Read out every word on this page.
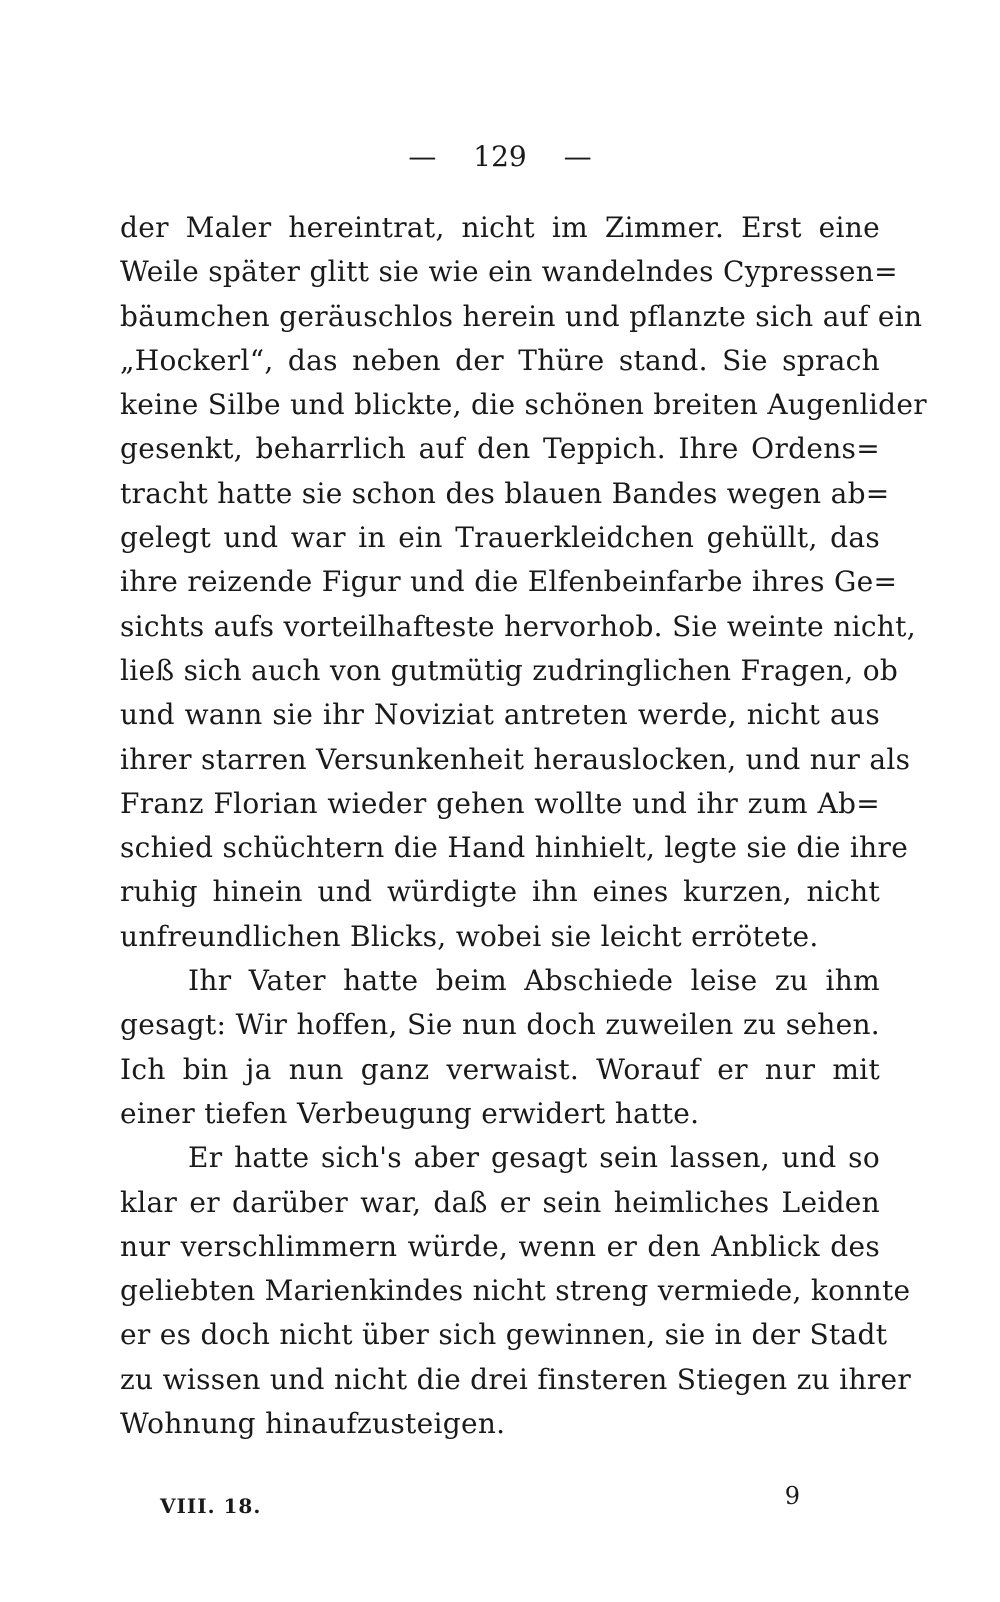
— 129 —
der Maler hereintrat, nicht im Zimmer. Erst eine
Weile später glitt sie wie ein wandelndes Cypressen=
bäumchen geräuschlos herein und pflanzte sich auf ein
„Hockerl“, das neben der Thüre stand. Sie sprach
keine Silbe und blickte, die schönen breiten Augenlider
gesenkt, beharrlich auf den Teppich. Ihre Ordens=
tracht hatte sie schon des blauen Bandes wegen ab=
gelegt und war in ein Trauerkleidchen gehüllt, das
ihre reizende Figur und die Elfenbeinfarbe ihres Ge=
sichts aufs vorteilhafteste hervorhob. Sie weinte nicht,
ließ sich auch von gutmütig zudringlichen Fragen, ob
und wann sie ihr Noviziat antreten werde, nicht aus
ihrer starren Versunkenheit herauslocken, und nur als
Franz Florian wieder gehen wollte und ihr zum Ab=
schied schüchtern die Hand hinhielt, legte sie die ihre
ruhig hinein und würdigte ihn eines kurzen, nicht
unfreundlichen Blicks, wobei sie leicht errötete.
Ihr Vater hatte beim Abschiede leise zu ihm
gesagt: Wir hoffen, Sie nun doch zuweilen zu sehen.
Ich bin ja nun ganz verwaist. Worauf er nur mit
einer tiefen Verbeugung erwidert hatte.
Er hatte sich's aber gesagt sein lassen, und so
klar er darüber war, daß er sein heimliches Leiden
nur verschlimmern würde, wenn er den Anblick des
geliebten Marienkindes nicht streng vermiede, konnte
er es doch nicht über sich gewinnen, sie in der Stadt
zu wissen und nicht die drei finsteren Stiegen zu ihrer
Wohnung hinaufzusteigen.
VIII. 18.	9
